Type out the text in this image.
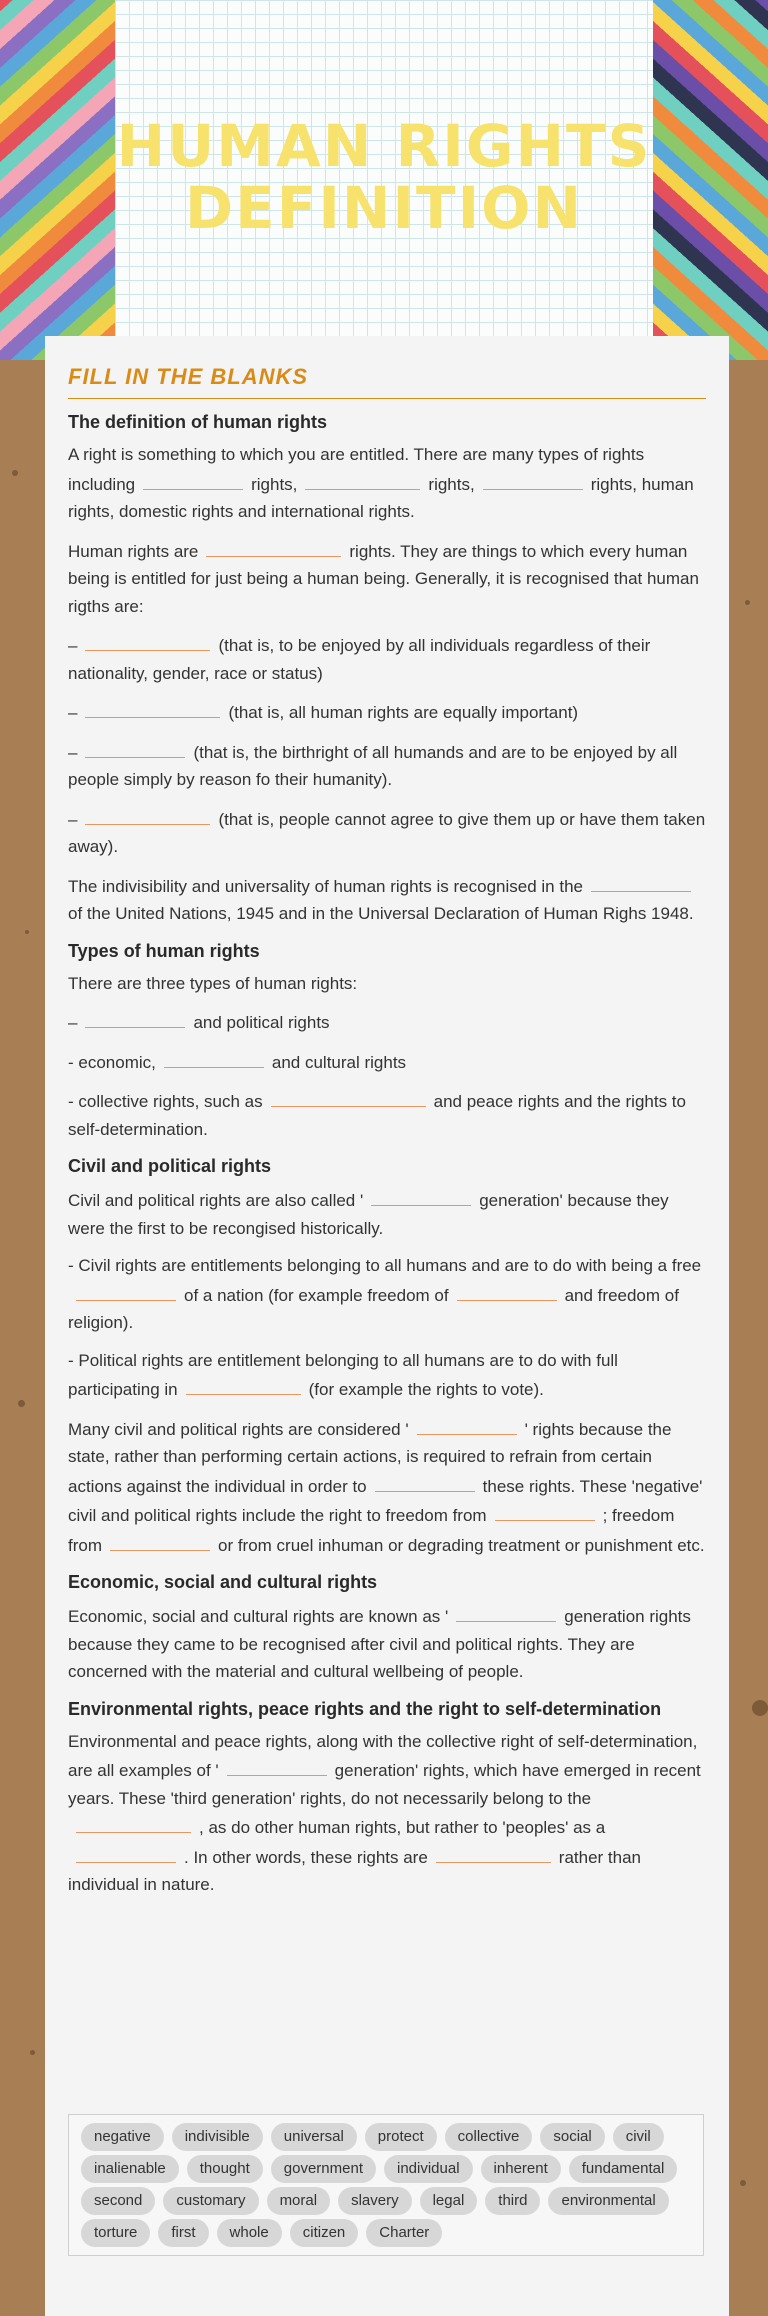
HUMAN RIGHTS DEFINITION
FILL IN THE BLANKS
The definition of human rights

A right is something to which you are entitled. There are many types of rights including	rights,	rights,	rights, human rights, domestic rights and international rights.

Human rights are	rights. They are things to which every human being is entitled for just being a human being. Generally, it is recognised that human rigths are:

–	(that is, to be enjoyed by all individuals regardless of their nationality, gender, race or status)

–	(that is, all human rights are equally important)

–	(that is, the birthright of all humands and are to be enjoyed by all people simply by reason fo their humanity).

–	(that is, people cannot agree to give them up or have them taken away).

The indivisibility and universality of human rights is recognised in theof the United Nations, 1945 and in the Universal Declaration of Human Righs 1948.

Types of human rights

There are three types of human rights:

–	and political rights

- economic,	and cultural rights

- collective rights, such as	and peace rights and the rights to self-determination.

Civil and political rights

Civil and political rights are also called '	generation' because they were the first to be recongised historically.

- Civil rights are entitlements belonging to all humans and are to do with being a freeof a nation (for example freedom of	and freedom of religion).

- Political rights are entitlement belonging to all humans are to do with full participating in	(for example the rights to vote).

Many civil and political rights are considered '	' rights because the state, rather than performing certain actions, is required to refrain from certain actions against the individual in order to	these rights. These 'negative' civil and political rights include the right to freedom from	; freedom from	or from cruel inhuman or degrading treatment or punishment etc.

Economic, social and cultural rights

Economic, social and cultural rights are known as '	generation rights because they came to be recognised after civil and political rights. They are concerned with the material and cultural wellbeing of people.

Environmental rights, peace rights and the right to self-determination

Environmental and peace rights, along with the collective right of self-determination, are all examples of '	generation' rights, which have emerged in recent years. These 'third generation' rights, do not necessarily belong to the, as do other human rights, but rather to 'peoples' as a. In other words, these rights are	rather than individual in nature.

negative	indivisible	universal	protect	collective	social	civil
inalienable	thought	government	individual	inherent	fundamental
second	customary	moral	slavery	legal	third	environmental
torture	first	whole	citizen	Charter
